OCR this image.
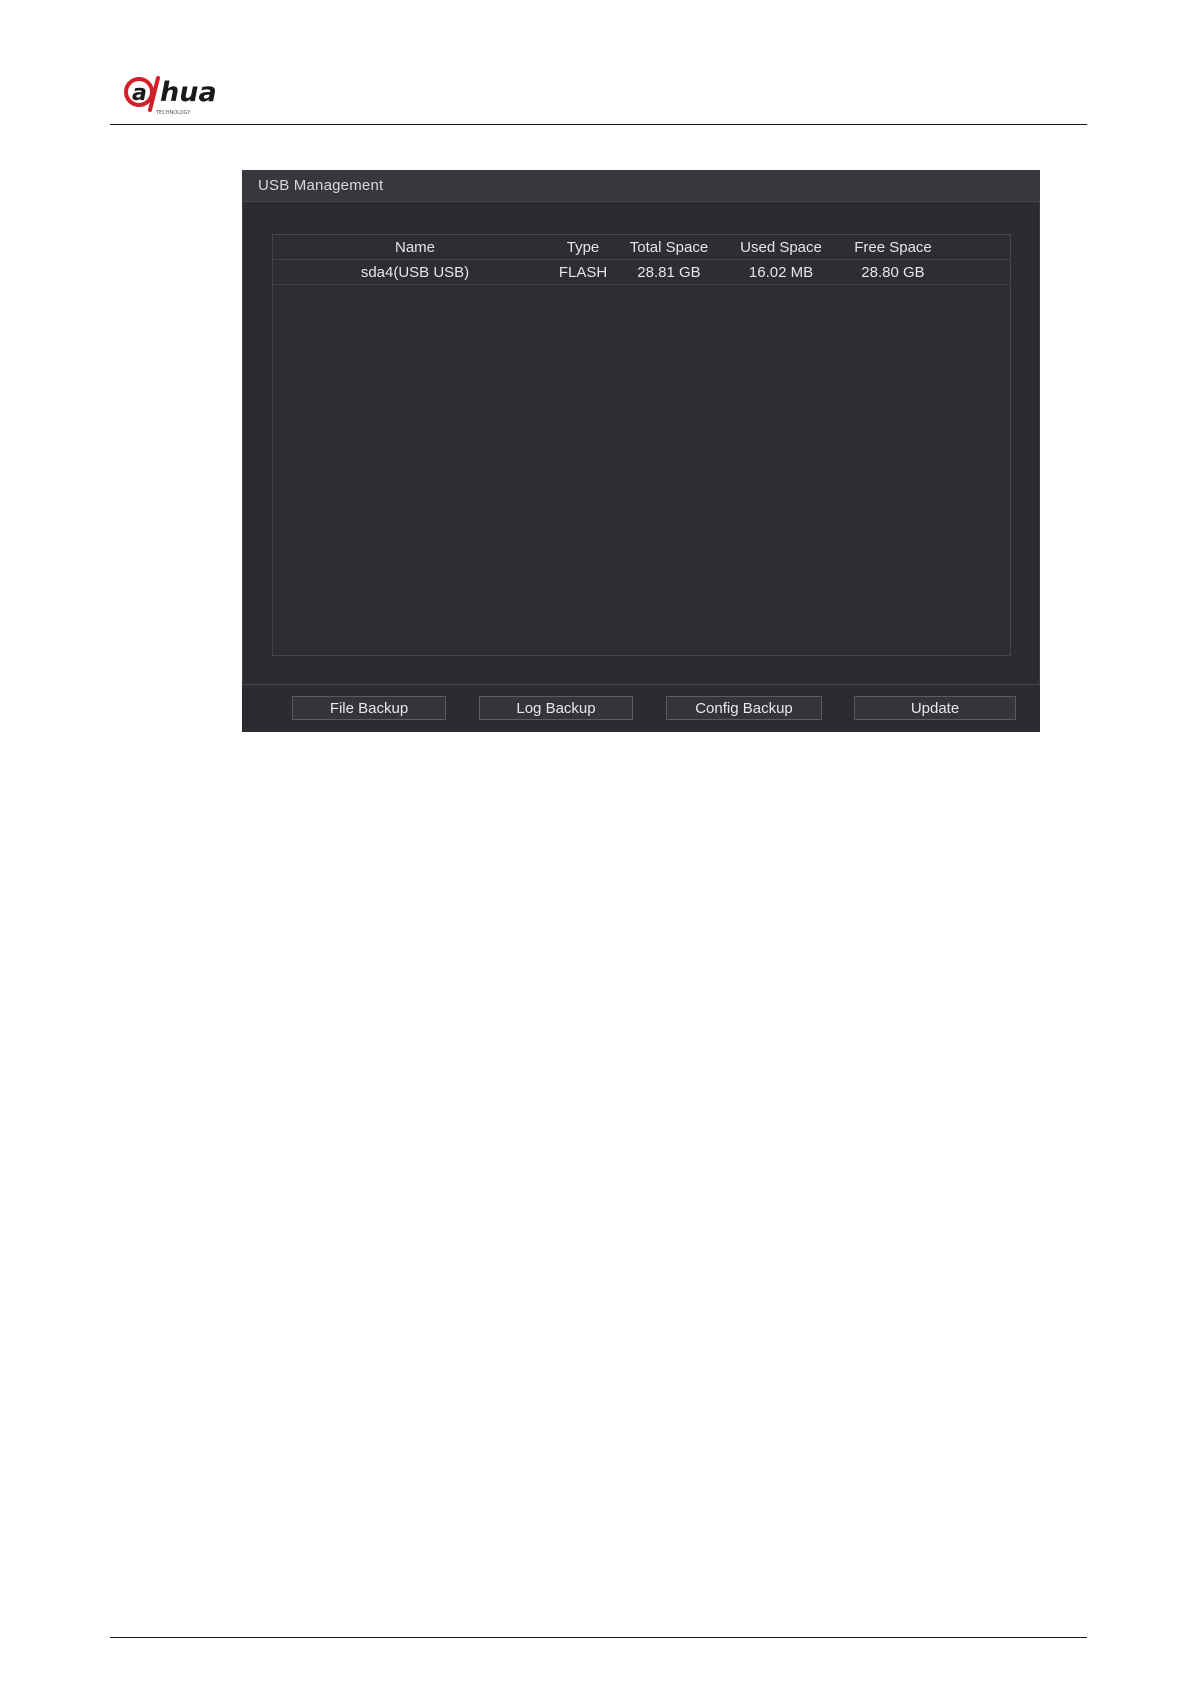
a hua
TECHNOLOGY
USB Management
Name	Type	Total Space	Used Space	Free Space	
sda4(USB USB)	FLASH	28.81 GB	16.02 MB	28.80 GB	
File Backup	Log Backup	Config Backup	Update
